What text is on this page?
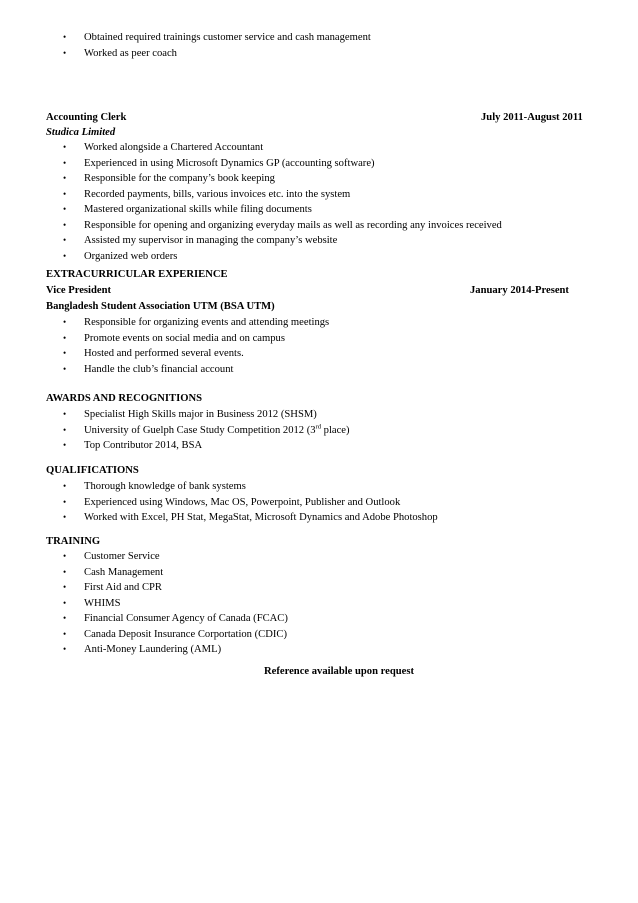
• Obtained required trainings customer service and cash management
• Worked as peer coach
Accounting Clerk	July 2011-August 2011
Studica Limited
• Worked alongside a Chartered Accountant
• Experienced in using Microsoft Dynamics GP (accounting software)
• Responsible for the company’s book keeping
• Recorded payments, bills, various invoices etc. into the system
• Mastered organizational skills while filing documents
• Responsible for opening and organizing everyday mails as well as recording any invoices received
• Assisted my supervisor in managing the company’s website
• Organized web orders
EXTRACURRICULAR EXPERIENCE
Vice President	January 2014-Present
Bangladesh Student Association UTM (BSA UTM)
• Responsible for organizing events and attending meetings
• Promote events on social media and on campus
• Hosted and performed several events.
• Handle the club’s financial account
AWARDS AND RECOGNITIONS
• Specialist High Skills major in Business 2012 (SHSM)
• University of Guelph Case Study Competition 2012 (3rd place)
• Top Contributor 2014, BSA
QUALIFICATIONS
• Thorough knowledge of bank systems
• Experienced using Windows, Mac OS, Powerpoint, Publisher and Outlook
• Worked with Excel, PH Stat, MegaStat, Microsoft Dynamics and Adobe Photoshop
TRAINING
• Customer Service
• Cash Management
• First Aid and CPR
• WHIMS
• Financial Consumer Agency of Canada (FCAC)
• Canada Deposit Insurance Corportation (CDIC)
• Anti-Money Laundering (AML)
Reference available upon request
